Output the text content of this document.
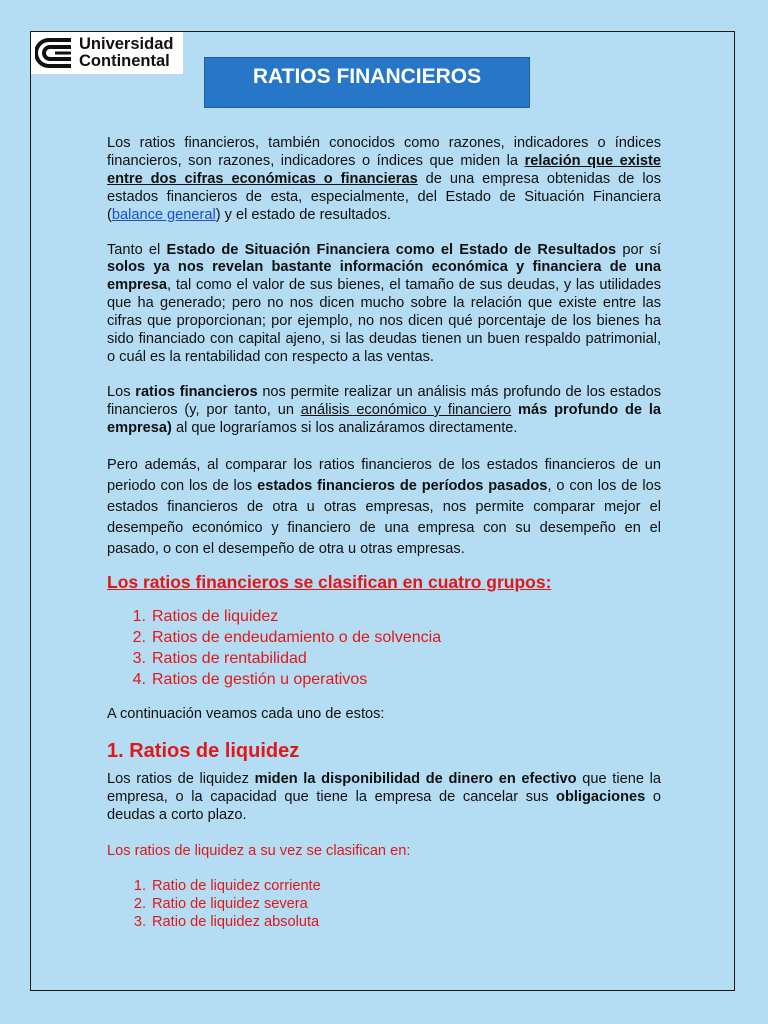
Universidad
Continental
RATIOS FINANCIEROS

Los ratios financieros, también conocidos como razones, indicadores o índices financieros, son razones, indicadores o índices que miden la relación que existe entre dos cifras económicas o financieras de una empresa obtenidas de los estados financieros de esta, especialmente, del Estado de Situación Financiera (balance general) y el estado de resultados.

Tanto el Estado de Situación Financiera como el Estado de Resultados por sí solos ya nos revelan bastante información económica y financiera de una empresa, tal como el valor de sus bienes, el tamaño de sus deudas, y las utilidades que ha generado; pero no nos dicen mucho sobre la relación que existe entre las cifras que proporcionan; por ejemplo, no nos dicen qué porcentaje de los bienes ha sido financiado con capital ajeno, si las deudas tienen un buen respaldo patrimonial, o cuál es la rentabilidad con respecto a las ventas.

Los ratios financieros nos permite realizar un análisis más profundo de los estados financieros (y, por tanto, un análisis económico y financiero más profundo de la empresa) al que lograríamos si los analizáramos directamente.

Pero además, al comparar los ratios financieros de los estados financieros de un periodo con los de los estados financieros de períodos pasados, o con los de los estados financieros de otra u otras empresas, nos permite comparar mejor el desempeño económico y financiero de una empresa con su desempeño en el pasado, o con el desempeño de otra u otras empresas.

Los ratios financieros se clasifican en cuatro grupos:

1. Ratios de liquidez
2. Ratios de endeudamiento o de solvencia
3. Ratios de rentabilidad
4. Ratios de gestión u operativos

A continuación veamos cada uno de estos:

1. Ratios de liquidez

Los ratios de liquidez miden la disponibilidad de dinero en efectivo que tiene la empresa, o la capacidad que tiene la empresa de cancelar sus obligaciones o deudas a corto plazo.

Los ratios de liquidez a su vez se clasifican en:

1. Ratio de liquidez corriente
2. Ratio de liquidez severa
3. Ratio de liquidez absoluta
